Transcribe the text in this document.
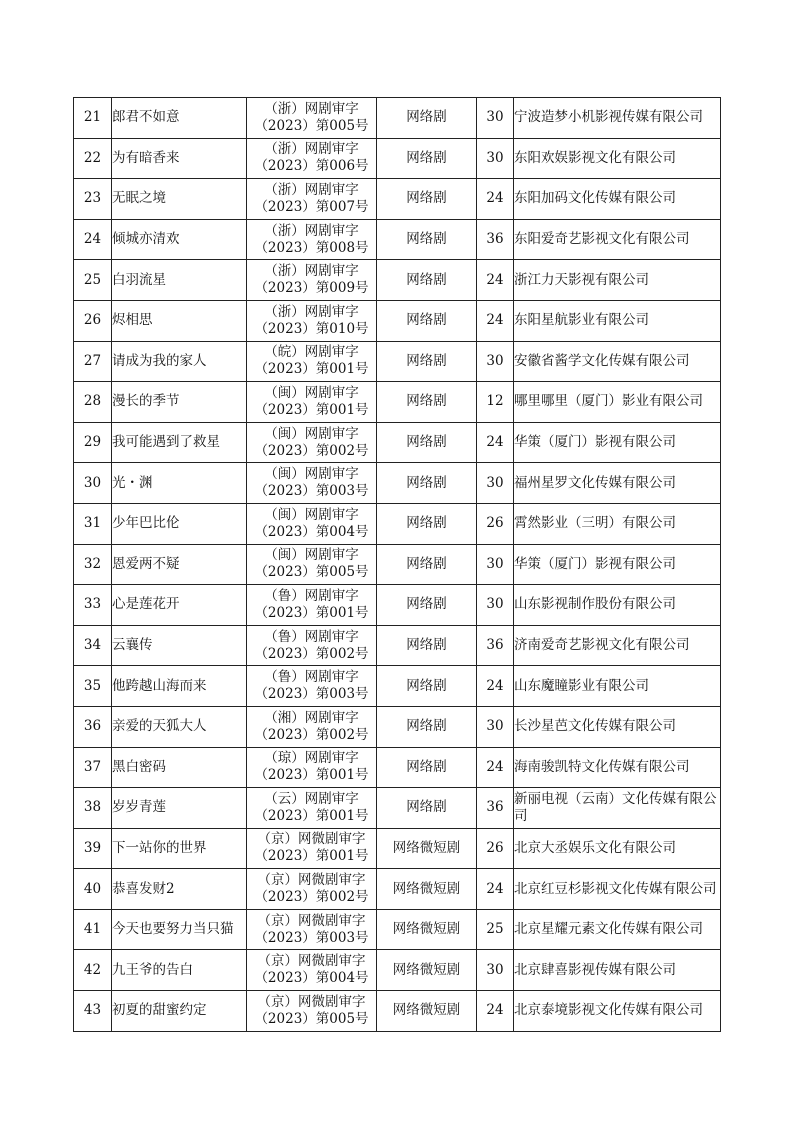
21	郎君不如意	（浙）网剧审字
（2023）第005号	网络剧	30	宁波造梦小机影视传媒有限公司
22	为有暗香来	（浙）网剧审字
（2023）第006号	网络剧	30	东阳欢娱影视文化有限公司
23	无眠之境	（浙）网剧审字
（2023）第007号	网络剧	24	东阳加码文化传媒有限公司
24	倾城亦清欢	（浙）网剧审字
（2023）第008号	网络剧	36	东阳爱奇艺影视文化有限公司
25	白羽流星	（浙）网剧审字
（2023）第009号	网络剧	24	浙江力天影视有限公司
26	烬相思	（浙）网剧审字
（2023）第010号	网络剧	24	东阳星航影业有限公司
27	请成为我的家人	（皖）网剧审字
（2023）第001号	网络剧	30	安徽省酱学文化传媒有限公司
28	漫长的季节	（闽）网剧审字
（2023）第001号	网络剧	12	哪里哪里（厦门）影业有限公司
29	我可能遇到了救星	（闽）网剧审字
（2023）第002号	网络剧	24	华策（厦门）影视有限公司
30	光・渊	（闽）网剧审字
（2023）第003号	网络剧	30	福州星罗文化传媒有限公司
31	少年巴比伦	（闽）网剧审字
（2023）第004号	网络剧	26	霄然影业（三明）有限公司
32	恩爱两不疑	（闽）网剧审字
（2023）第005号	网络剧	30	华策（厦门）影视有限公司
33	心是莲花开	（鲁）网剧审字
（2023）第001号	网络剧	30	山东影视制作股份有限公司
34	云襄传	（鲁）网剧审字
（2023）第002号	网络剧	36	济南爱奇艺影视文化有限公司
35	他跨越山海而来	（鲁）网剧审字
（2023）第003号	网络剧	24	山东魔瞳影业有限公司
36	亲爱的天狐大人	（湘）网剧审字
（2023）第002号	网络剧	30	长沙星芭文化传媒有限公司
37	黑白密码	（琼）网剧审字
（2023）第001号	网络剧	24	海南骏凯特文化传媒有限公司
38	岁岁青莲	（云）网剧审字
（2023）第001号	网络剧	36	新丽电视（云南）文化传媒有限公司
39	下一站你的世界	（京）网微剧审字
（2023）第001号	网络微短剧	26	北京大丞娱乐文化有限公司
40	恭喜发财2	（京）网微剧审字
（2023）第002号	网络微短剧	24	北京红豆杉影视文化传媒有限公司
41	今天也要努力当只猫	（京）网微剧审字
（2023）第003号	网络微短剧	25	北京星耀元素文化传媒有限公司
42	九王爷的告白	（京）网微剧审字
（2023）第004号	网络微短剧	30	北京肆喜影视传媒有限公司
43	初夏的甜蜜约定	（京）网微剧审字
（2023）第005号	网络微短剧	24	北京泰境影视文化传媒有限公司
